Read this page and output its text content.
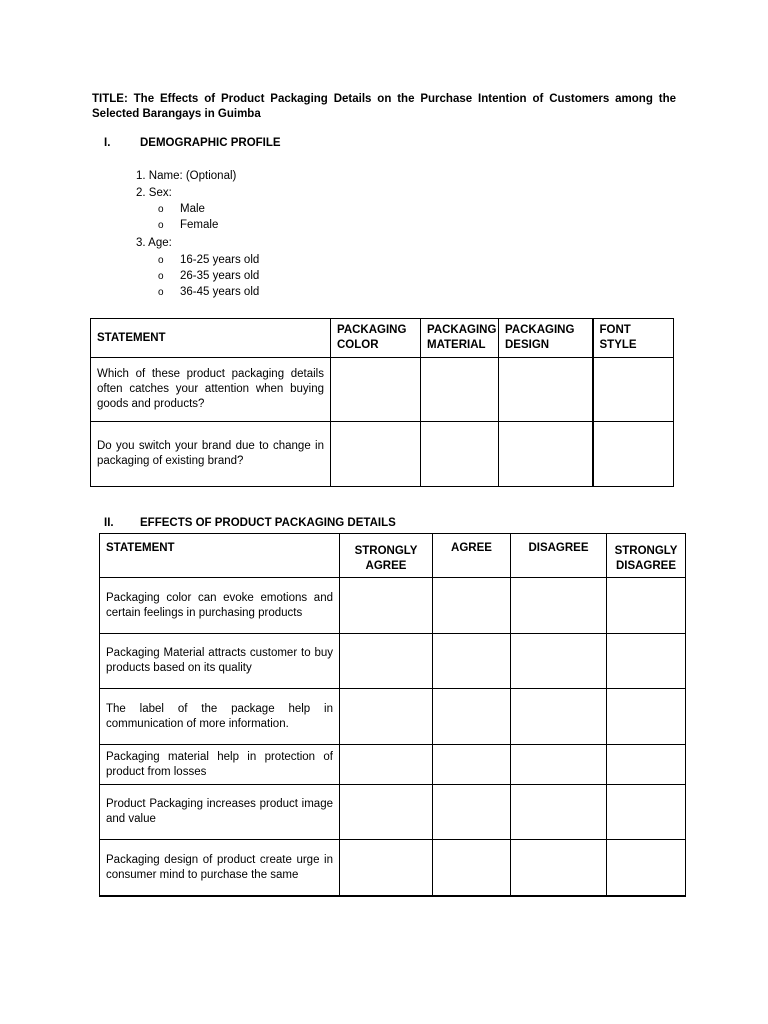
TITLE: The Effects of Product Packaging Details on the Purchase Intention of Customers among the Selected Barangays in Guimba
I.	DEMOGRAPHIC PROFILE
1. Name: (Optional)
2. Sex:
o Male
o Female
3. Age:
o 16-25 years old
o 26-35 years old
o 36-45 years old
STATEMENT	PACKAGING COLOR	PACKAGING MATERIAL	PACKAGING DESIGN	FONT STYLE
Which of these product packaging details often catches your attention when buying goods and products?				
Do you switch your brand due to change in packaging of existing brand?				
II. EFFECTS OF PRODUCT PACKAGING DETAILS
STATEMENT	STRONGLY AGREE	AGREE	DISAGREE	STRONGLY DISAGREE

Packaging color can evoke emotions and certain feelings in purchasing products				
Packaging Material attracts customer to buy products based on its quality				
The label of the package help in communication of more information.				
Packaging material help in protection of product from losses				
Product Packaging increases product image and value				
Packaging design of product create urge in consumer mind to purchase the same				
